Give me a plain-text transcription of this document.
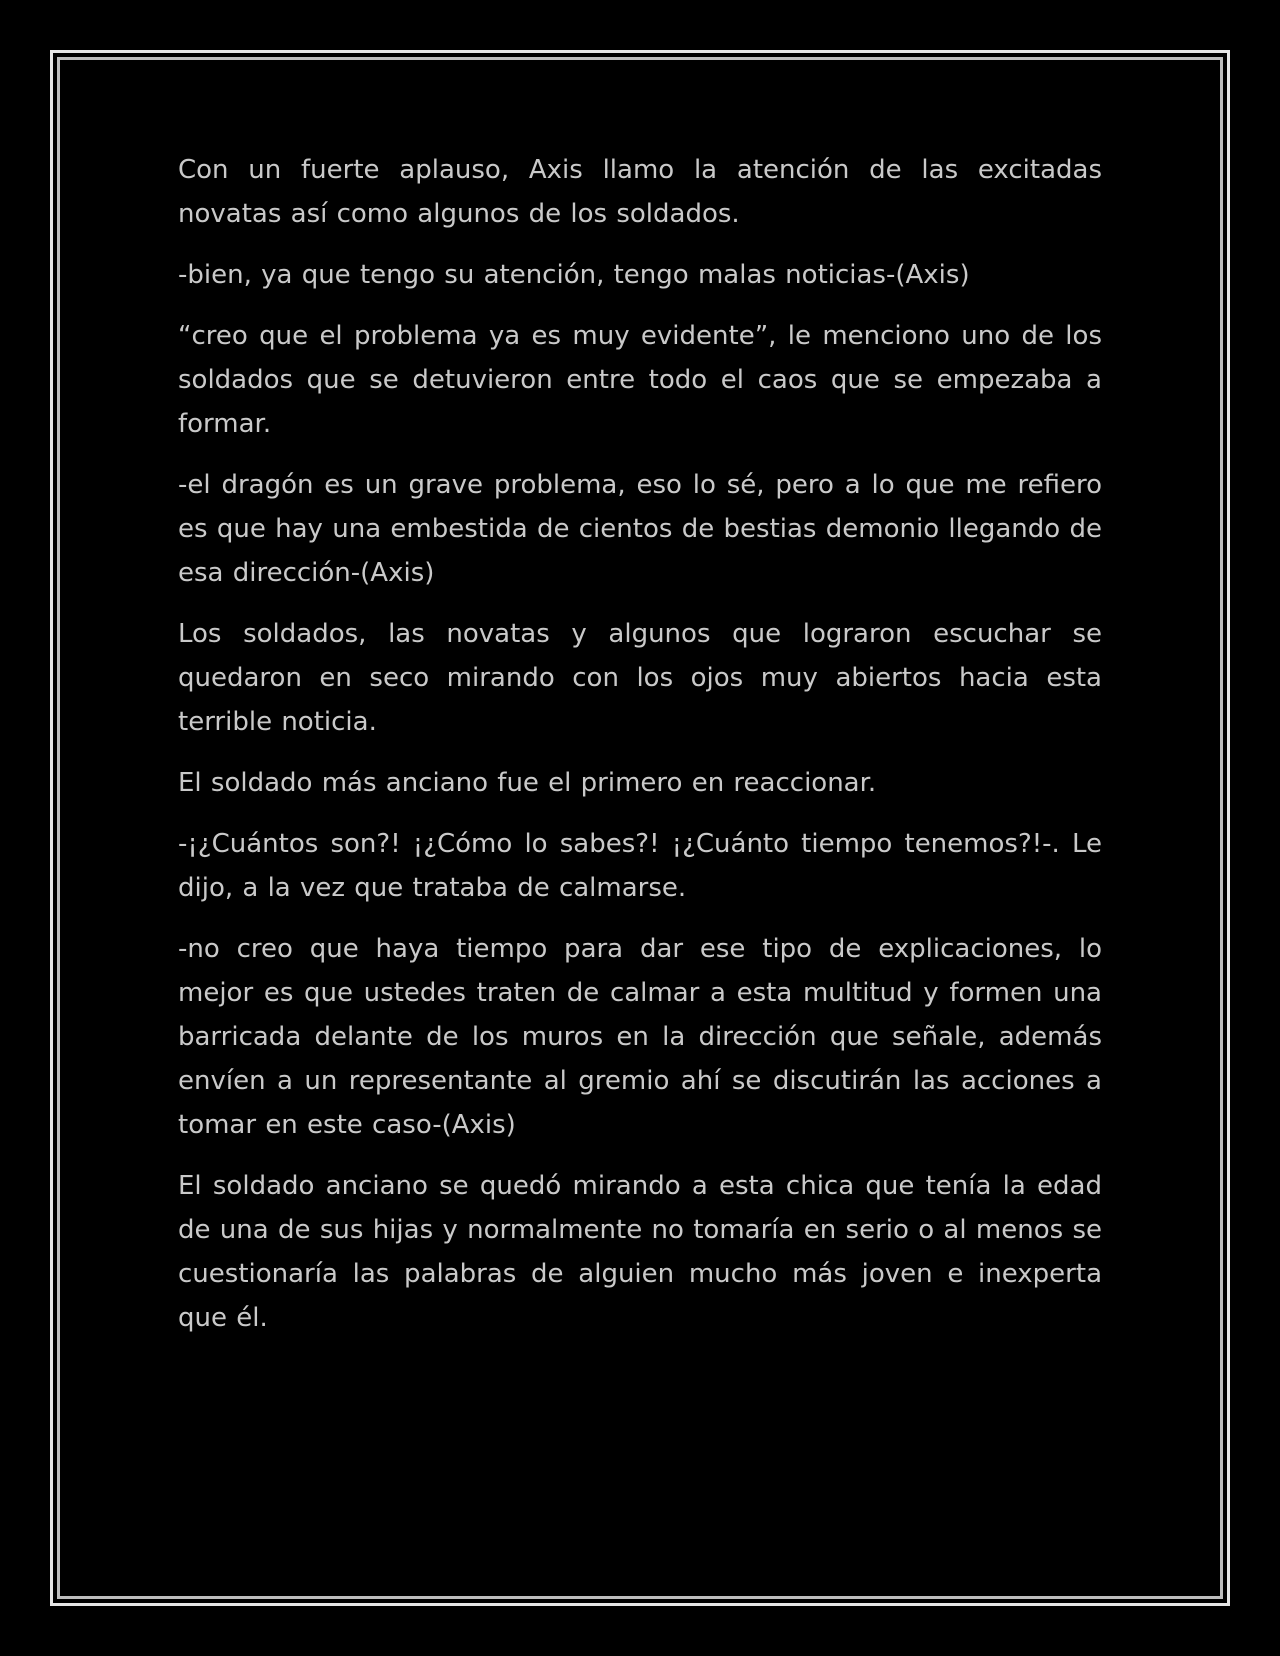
Con un fuerte aplauso, Axis llamo la atención de las excitadas novatas así como algunos de los soldados.

-bien, ya que tengo su atención, tengo malas noticias-(Axis)

“creo que el problema ya es muy evidente”, le menciono uno de los soldados que se detuvieron entre todo el caos que se empezaba a formar.

-el dragón es un grave problema, eso lo sé, pero a lo que me refiero es que hay una embestida de cientos de bestias demonio llegando de esa dirección-(Axis)

Los soldados, las novatas y algunos que lograron escuchar se quedaron en seco mirando con los ojos muy abiertos hacia esta terrible noticia.

El soldado más anciano fue el primero en reaccionar.

-¡¿Cuántos son?! ¡¿Cómo lo sabes?! ¡¿Cuánto tiempo tenemos?!-. Le dijo, a la vez que trataba de calmarse.

-no creo que haya tiempo para dar ese tipo de explicaciones, lo mejor es que ustedes traten de calmar a esta multitud y formen una barricada delante de los muros en la dirección que señale, además envíen a un representante al gremio ahí se discutirán las acciones a tomar en este caso-(Axis)

El soldado anciano se quedó mirando a esta chica que tenía la edad de una de sus hijas y normalmente no tomaría en serio o al menos se cuestionaría las palabras de alguien mucho más joven e inexperta que él.
